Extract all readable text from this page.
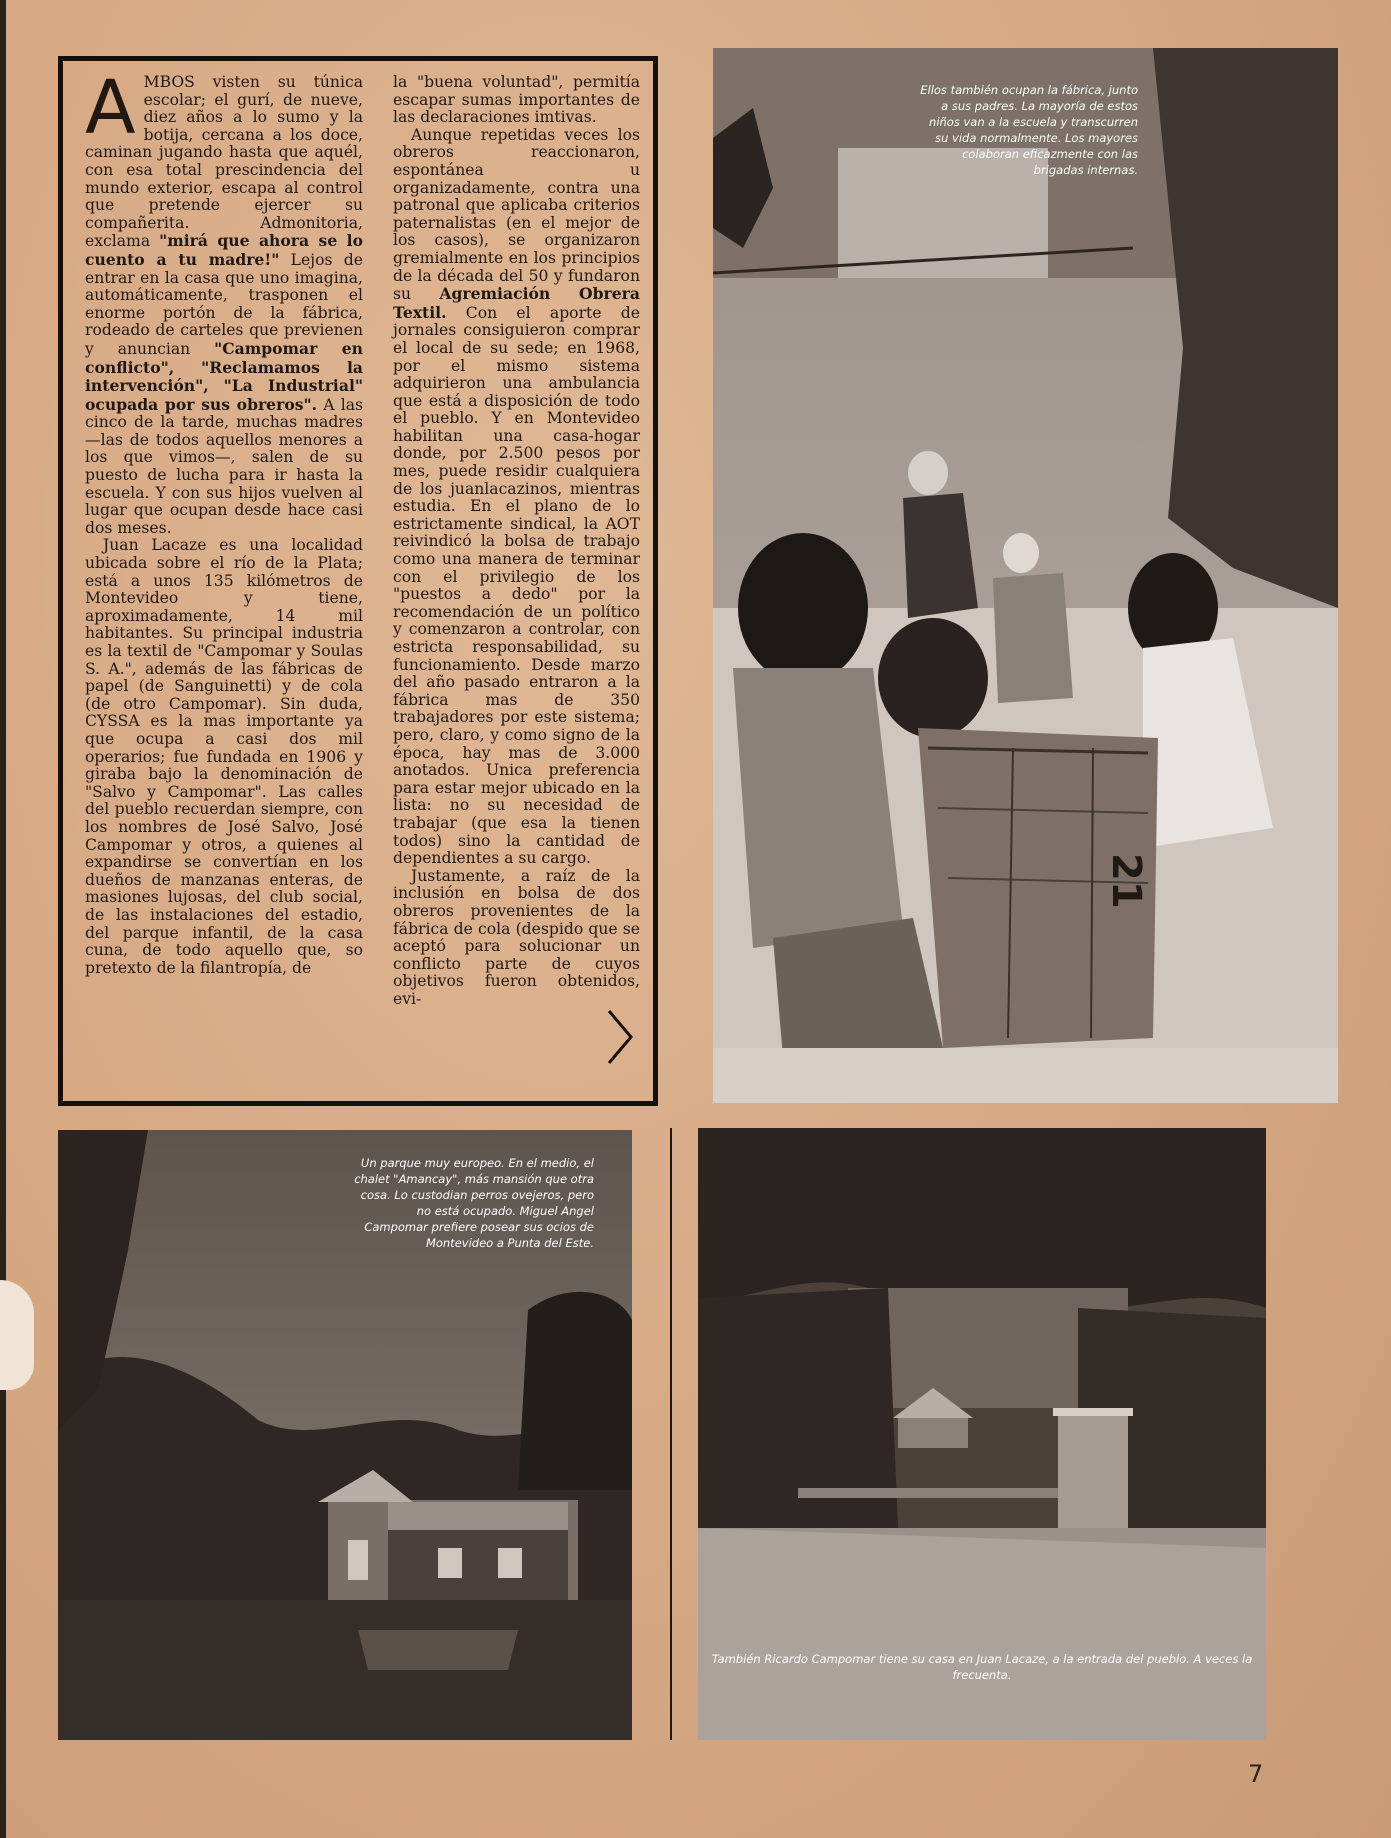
AMBOS visten su túnica escolar; el gurí, de nueve, diez años a lo sumo y la botija, cercana a los doce, caminan jugando hasta que aquél, con esa total prescindencia del mundo exterior, escapa al control que pretende ejercer su compañerita. Admonitoria, exclama "mirá que ahora se lo cuento a tu madre!" Lejos de entrar en la casa que uno imagina, automáticamente, trasponen el enorme portón de la fábrica, rodeado de carteles que previenen y anuncian "Campomar en conflicto", "Reclamamos la intervención", "La Industrial" ocupada por sus obreros". A las cinco de la tarde, muchas madres —las de todos aquellos menores a los que vimos—, salen de su puesto de lucha para ir hasta la escuela. Y con sus hijos vuelven al lugar que ocupan desde hace casi dos meses.

Juan Lacaze es una localidad ubicada sobre el río de la Plata; está a unos 135 kilómetros de Montevideo y tiene, aproximadamente, 14 mil habitantes. Su principal industria es la textil de "Campomar y Soulas S. A.", además de las fábricas de papel (de Sanguinetti) y de cola (de otro Campomar). Sin duda, CYSSA es la mas importante ya que ocupa a casi dos mil operarios; fue fundada en 1906 y giraba bajo la denominación de "Salvo y Campomar". Las calles del pueblo recuerdan siempre, con los nombres de José Salvo, José Campomar y otros, a quienes al expandirse se convertían en los dueños de manzanas enteras, de masiones lujosas, del club social, de las instalaciones del estadio, del parque infantil, de la casa cuna, de todo aquello que, so pretexto de la filantropía, de

la "buena voluntad", permitía escapar sumas importantes de las declaraciones imtivas.

Aunque repetidas veces los obreros reaccionaron, espontánea u organizadamente, contra una patronal que aplicaba criterios paternalistas (en el mejor de los casos), se organizaron gremialmente en los principios de la década del 50 y fundaron su Agremiación Obrera Textil. Con el aporte de jornales consiguieron comprar el local de su sede; en 1968, por el mismo sistema adquirieron una ambulancia que está a disposición de todo el pueblo. Y en Montevideo habilitan una casa-hogar donde, por 2.500 pesos por mes, puede residir cualquiera de los juanlacazinos, mientras estudia. En el plano de lo estrictamente sindical, la AOT reivindicó la bolsa de trabajo como una manera de terminar con el privilegio de los "puestos a dedo" por la recomendación de un político y comenzaron a controlar, con estricta responsabilidad, su funcionamiento. Desde marzo del año pasado entraron a la fábrica mas de 350 trabajadores por este sistema; pero, claro, y como signo de la época, hay mas de 3.000 anotados. Unica preferencia para estar mejor ubicado en la lista: no su necesidad de trabajar (que esa la tienen todos) sino la cantidad de dependientes a su cargo.

Justamente, a raíz de la inclusión en bolsa de dos obreros provenientes de la fábrica de cola (despido que se aceptó para solucionar un conflicto parte de cuyos objetivos fueron obtenidos, evi-

21
Ellos también ocupan la fábrica, junto a sus padres. La mayoría de estos niños van a la escuela y transcurren su vida normalmente. Los mayores colaboran eficazmente con las brigadas internas.
Un parque muy europeo. En el medio, el chalet "Amancay", más mansión que otra cosa. Lo custodian perros ovejeros, pero no está ocupado. Miguel Angel Campomar prefiere posear sus ocios de Montevideo a Punta del Este.
También Ricardo Campomar tiene su casa en Juan Lacaze, a la entrada del pueblo. A veces la frecuenta.
7
